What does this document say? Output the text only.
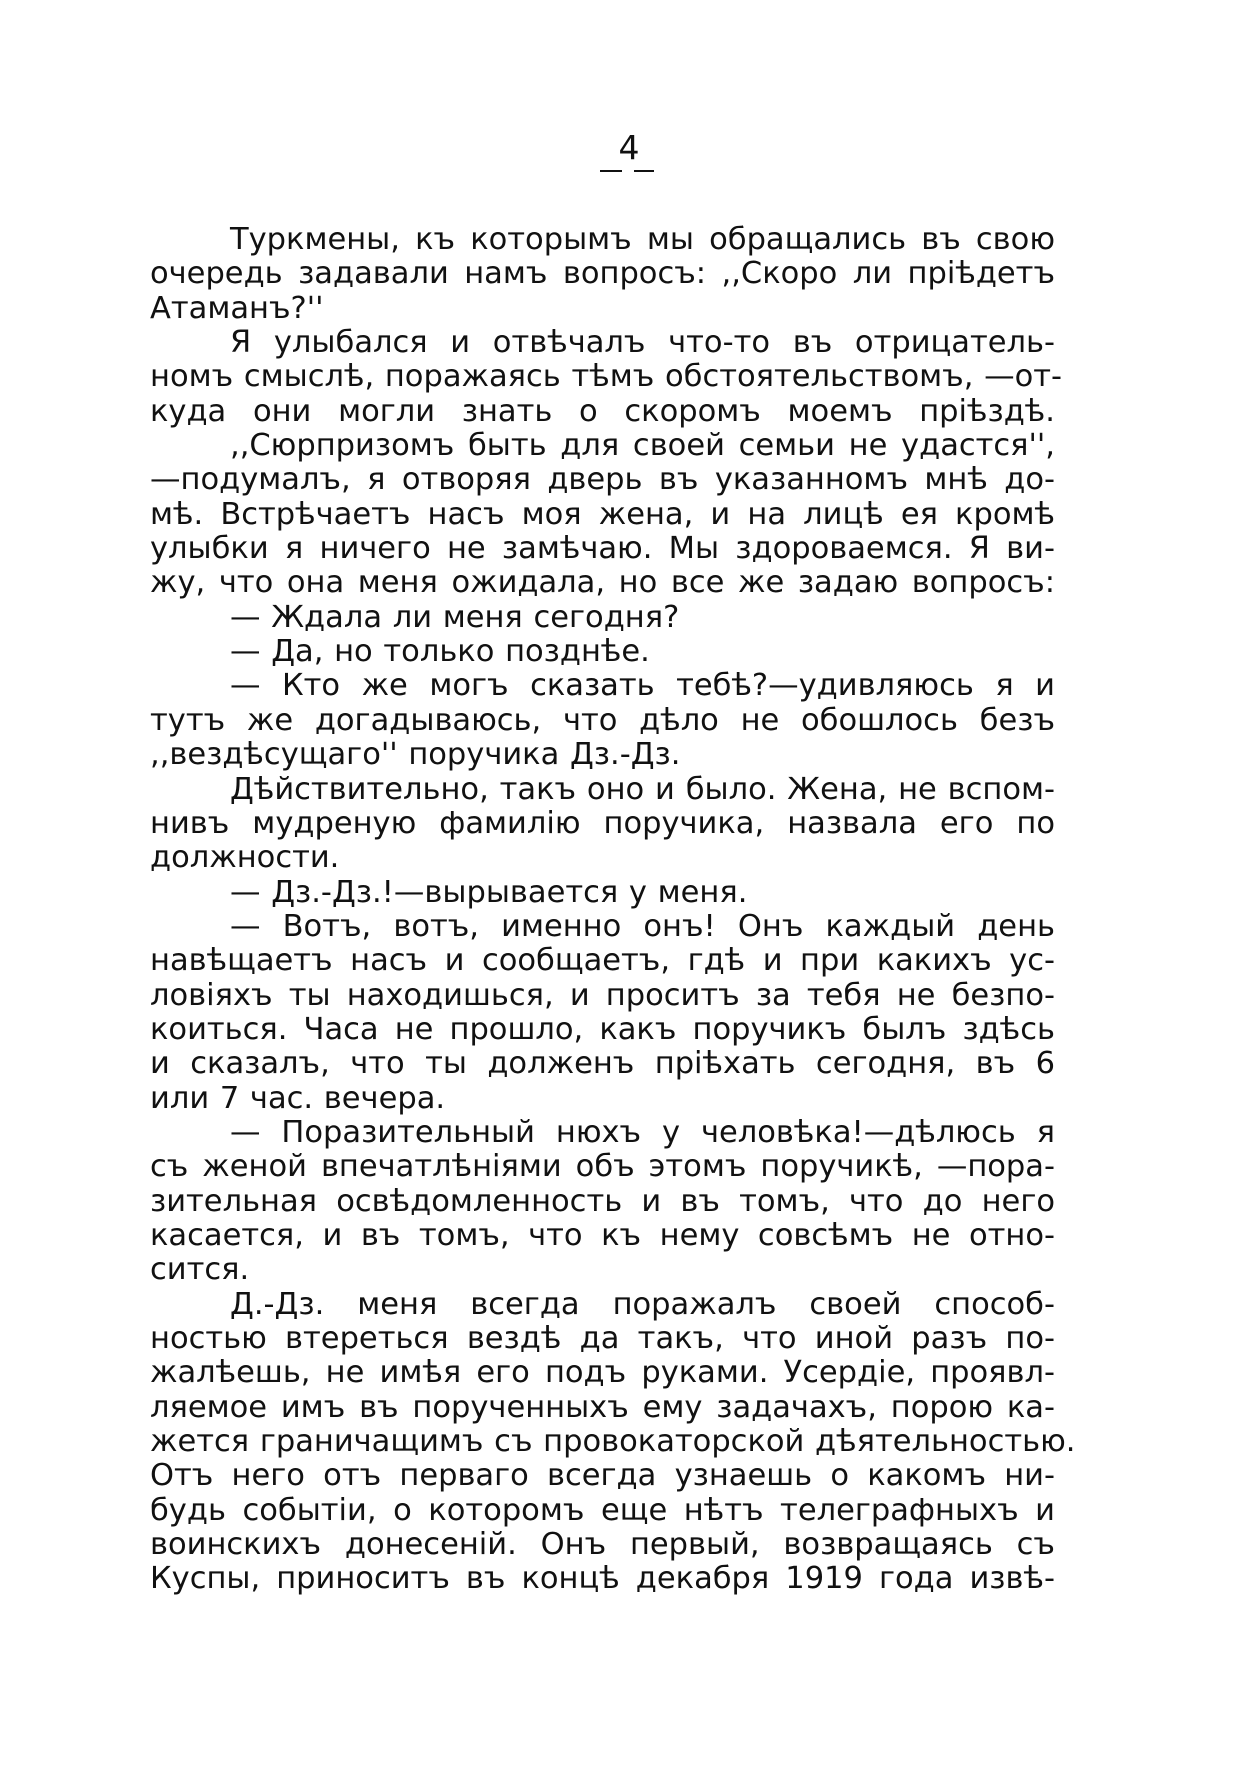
4
Туркмены, къ которымъ мы обращались въ свою
очередь задавали намъ вопросъ: ,,Скоро ли прiѣдетъ
Атаманъ?''
Я улыбался и отвѣчалъ что-то въ отрицатель-
номъ смыслѣ, поражаясь тѣмъ обстоятельствомъ, —от-
куда они могли знать о скоромъ моемъ прiѣздѣ.
,,Сюрпризомъ быть для своей семьи не удастся'',
—подумалъ, я отворяя дверь въ указанномъ мнѣ до-
мѣ. Встрѣчаетъ насъ моя жена, и на лицѣ ея кромѣ
улыбки я ничего не замѣчаю. Мы здороваемся. Я ви-
жу, что она меня ожидала, но все же задаю вопросъ:
— Ждала ли меня сегодня?
— Да, но только позднѣе.
— Кто же могъ сказать тебѣ?—удивляюсь я и
тутъ же догадываюсь, что дѣло не обошлось безъ
,,вездѣсущаго'' поручика Дз.-Дз.
Дѣйствительно, такъ оно и было. Жена, не вспом-
нивъ мудреную фамилiю поручика, назвала его по
должности.
— Дз.-Дз.!—вырывается у меня.
— Вотъ, вотъ, именно онъ! Онъ каждый день
навѣщаетъ насъ и сообщаетъ, гдѣ и при какихъ ус-
ловiяхъ ты находишься, и проситъ за тебя не безпо-
коиться. Часа не прошло, какъ поручикъ былъ здѣсь
и сказалъ, что ты долженъ прiѣхать сегодня, въ 6
или 7 час. вечера.
— Поразительный нюхъ у человѣка!—дѣлюсь я
съ женой впечатлѣнiями объ этомъ поручикѣ, —пора-
зительная освѣдомленность и въ томъ, что до него
касается, и въ томъ, что къ нему совсѣмъ не отно-
сится.
Д.-Дз. меня всегда поражалъ своей способ-
ностью втереться вездѣ да такъ, что иной разъ по-
жалѣешь, не имѣя его подъ руками. Усердiе, проявл-
ляемое имъ въ порученныхъ ему задачахъ, порою ка-
жется граничащимъ съ провокаторской дѣятельностью.
Отъ него отъ перваго всегда узнаешь о какомъ ни-
будь событiи, о которомъ еще нѣтъ телеграфныхъ и
воинскихъ донесенiй. Онъ первый, возвращаясь съ
Куспы, приноситъ въ концѣ декабря 1919 года извѣ-
